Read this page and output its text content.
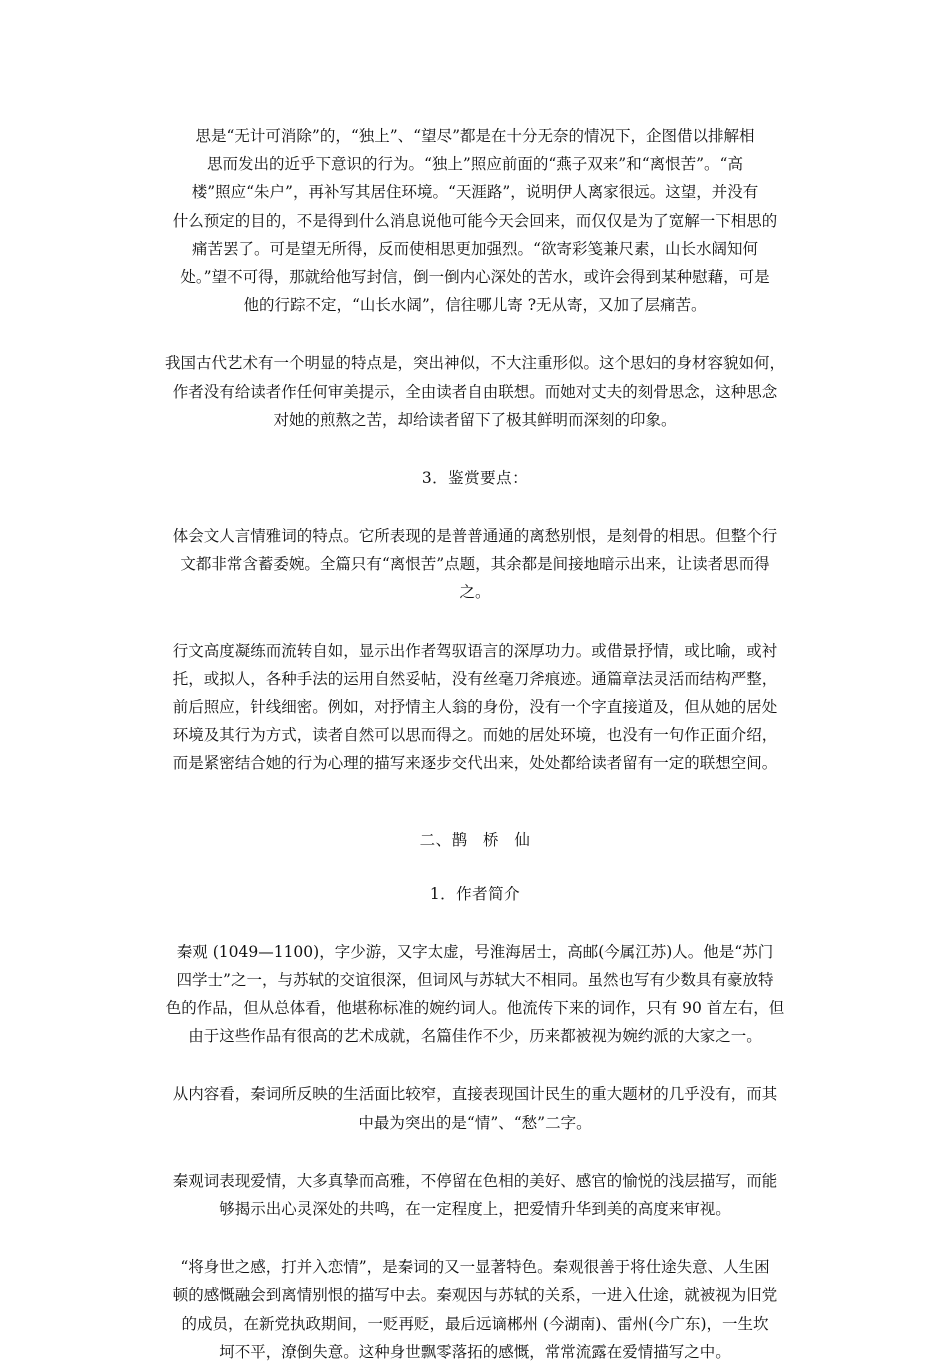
思是“无计可消除”的，“独上”、“望尽”都是在十分无奈的情况下，企图借以排解相
思而发出的近乎下意识的行为。“独上”照应前面的“燕子双来”和“离恨苦”。“高
楼”照应“朱户”，再补写其居住环境。“天涯路”，说明伊人离家很远。这望，并没有
什么预定的目的，不是得到什么消息说他可能今天会回来，而仅仅是为了宽解一下相思的
痛苦罢了。可是望无所得，反而使相思更加强烈。“欲寄彩笺兼尺素，山长水阔知何
处。”望不可得，那就给他写封信，倒一倒内心深处的苦水，或许会得到某种慰藉，可是
他的行踪不定，“山长水阔”，信往哪儿寄 ?无从寄，又加了层痛苦。
我国古代艺术有一个明显的特点是，突出神似，不大注重形似。这个思妇的身材容貌如何，
作者没有给读者作任何审美提示，全由读者自由联想。而她对丈夫的刻骨思念，这种思念
对她的煎熬之苦，却给读者留下了极其鲜明而深刻的印象。
3．鉴赏要点：
体会文人言情雅词的特点。它所表现的是普普通通的离愁别恨，是刻骨的相思。但整个行
文都非常含蓄委婉。全篇只有“离恨苦”点题，其余都是间接地暗示出来，让读者思而得
之。
行文高度凝练而流转自如，显示出作者驾驭语言的深厚功力。或借景抒情，或比喻，或衬
托，或拟人，各种手法的运用自然妥帖，没有丝毫刀斧痕迹。通篇章法灵活而结构严整，
前后照应，针线细密。例如，对抒情主人翁的身份，没有一个字直接道及，但从她的居处
环境及其行为方式，读者自然可以思而得之。而她的居处环境，也没有一句作正面介绍，
而是紧密结合她的行为心理的描写来逐步交代出来，处处都给读者留有一定的联想空间。
二、鹊 桥 仙
1．作者简介
秦观 (1049—1100)，字少游，又字太虚，号淮海居士，高邮(今属江苏)人。他是“苏门
四学士”之一，与苏轼的交谊很深，但词风与苏轼大不相同。虽然也写有少数具有豪放特
色的作品，但从总体看，他堪称标准的婉约词人。他流传下来的词作，只有 90 首左右，但
由于这些作品有很高的艺术成就，名篇佳作不少，历来都被视为婉约派的大家之一。
从内容看，秦词所反映的生活面比较窄，直接表现国计民生的重大题材的几乎没有，而其
中最为突出的是“情”、“愁”二字。
秦观词表现爱情，大多真挚而高雅，不停留在色相的美好、感官的愉悦的浅层描写，而能
够揭示出心灵深处的共鸣，在一定程度上，把爱情升华到美的高度来审视。
“将身世之感，打并入恋情”，是秦词的又一显著特色。秦观很善于将仕途失意、人生困
顿的感慨融会到离情别恨的描写中去。秦观因与苏轼的关系，一进入仕途，就被视为旧党
的成员，在新党执政期间，一贬再贬，最后远谪郴州 (今湖南)、雷州(今广东)，一生坎
坷不平，潦倒失意。这种身世飘零落拓的感慨，常常流露在爱情描写之中。
